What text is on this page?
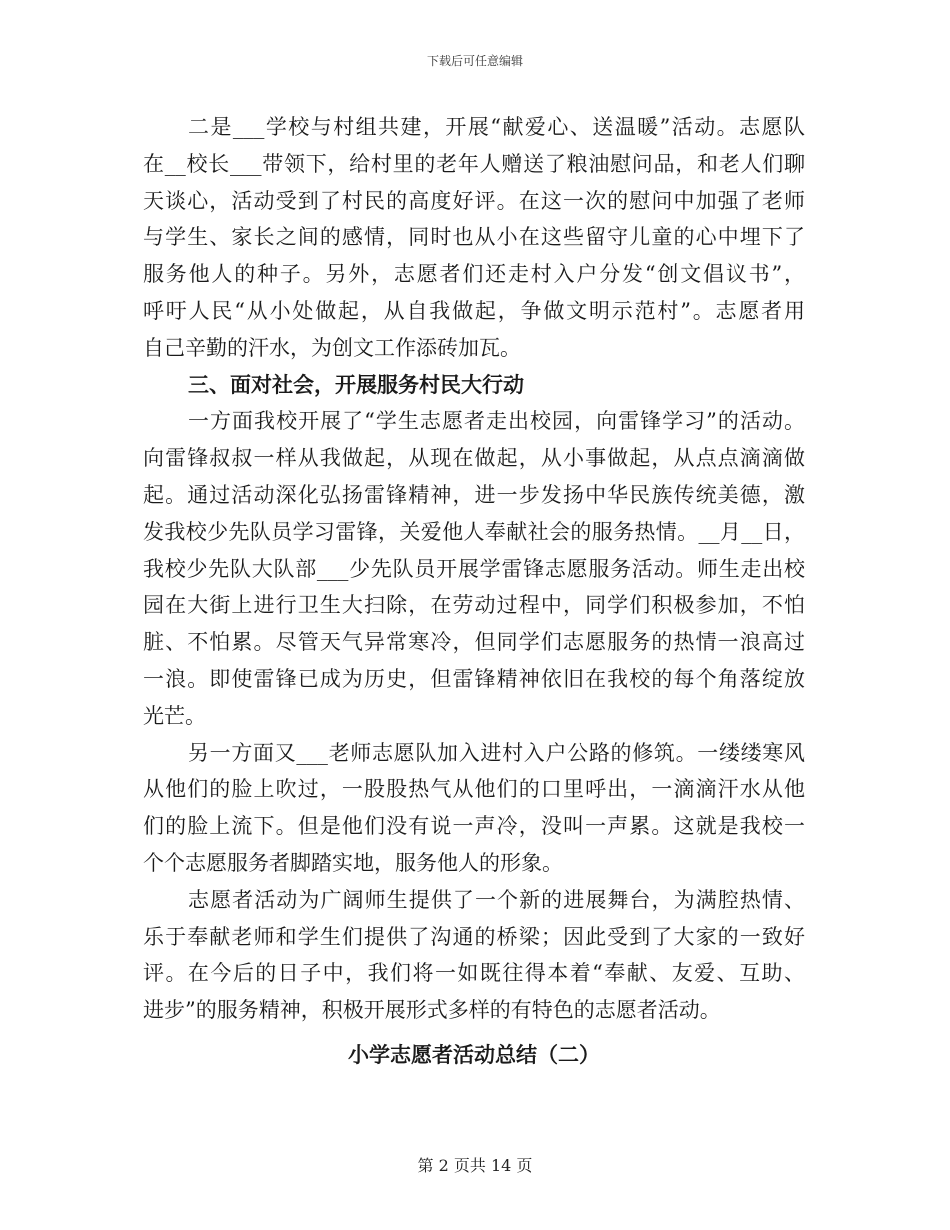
下载后可任意编辑
二是___学校与村组共建，开展“献爱心、送温暖”活动。志愿队
在__校长___带领下，给村里的老年人赠送了粮油慰问品，和老人们聊
天谈心，活动受到了村民的高度好评。在这一次的慰问中加强了老师
与学生、家长之间的感情，同时也从小在这些留守儿童的心中埋下了
服务他人的种子。另外，志愿者们还走村入户分发“创文倡议书”，
呼吁人民“从小处做起，从自我做起，争做文明示范村”。志愿者用
自己辛勤的汗水，为创文工作添砖加瓦。
三、面对社会，开展服务村民大行动
一方面我校开展了“学生志愿者走出校园，向雷锋学习”的活动。
向雷锋叔叔一样从我做起，从现在做起，从小事做起，从点点滴滴做
起。通过活动深化弘扬雷锋精神，进一步发扬中华民族传统美德，激
发我校少先队员学习雷锋，关爱他人奉献社会的服务热情。__月__日，
我校少先队大队部___少先队员开展学雷锋志愿服务活动。师生走出校
园在大街上进行卫生大扫除，在劳动过程中，同学们积极参加，不怕
脏、不怕累。尽管天气异常寒冷，但同学们志愿服务的热情一浪高过
一浪。即使雷锋已成为历史，但雷锋精神依旧在我校的每个角落绽放
光芒。
另一方面又___老师志愿队加入进村入户公路的修筑。一缕缕寒风
从他们的脸上吹过，一股股热气从他们的口里呼出，一滴滴汗水从他
们的脸上流下。但是他们没有说一声冷，没叫一声累。这就是我校一
个个志愿服务者脚踏实地，服务他人的形象。
志愿者活动为广阔师生提供了一个新的进展舞台，为满腔热情、
乐于奉献老师和学生们提供了沟通的桥梁；因此受到了大家的一致好
评。在今后的日子中，我们将一如既往得本着“奉献、友爱、互助、
进步”的服务精神，积极开展形式多样的有特色的志愿者活动。
小学志愿者活动总结（二）
第 2 页共 14 页
